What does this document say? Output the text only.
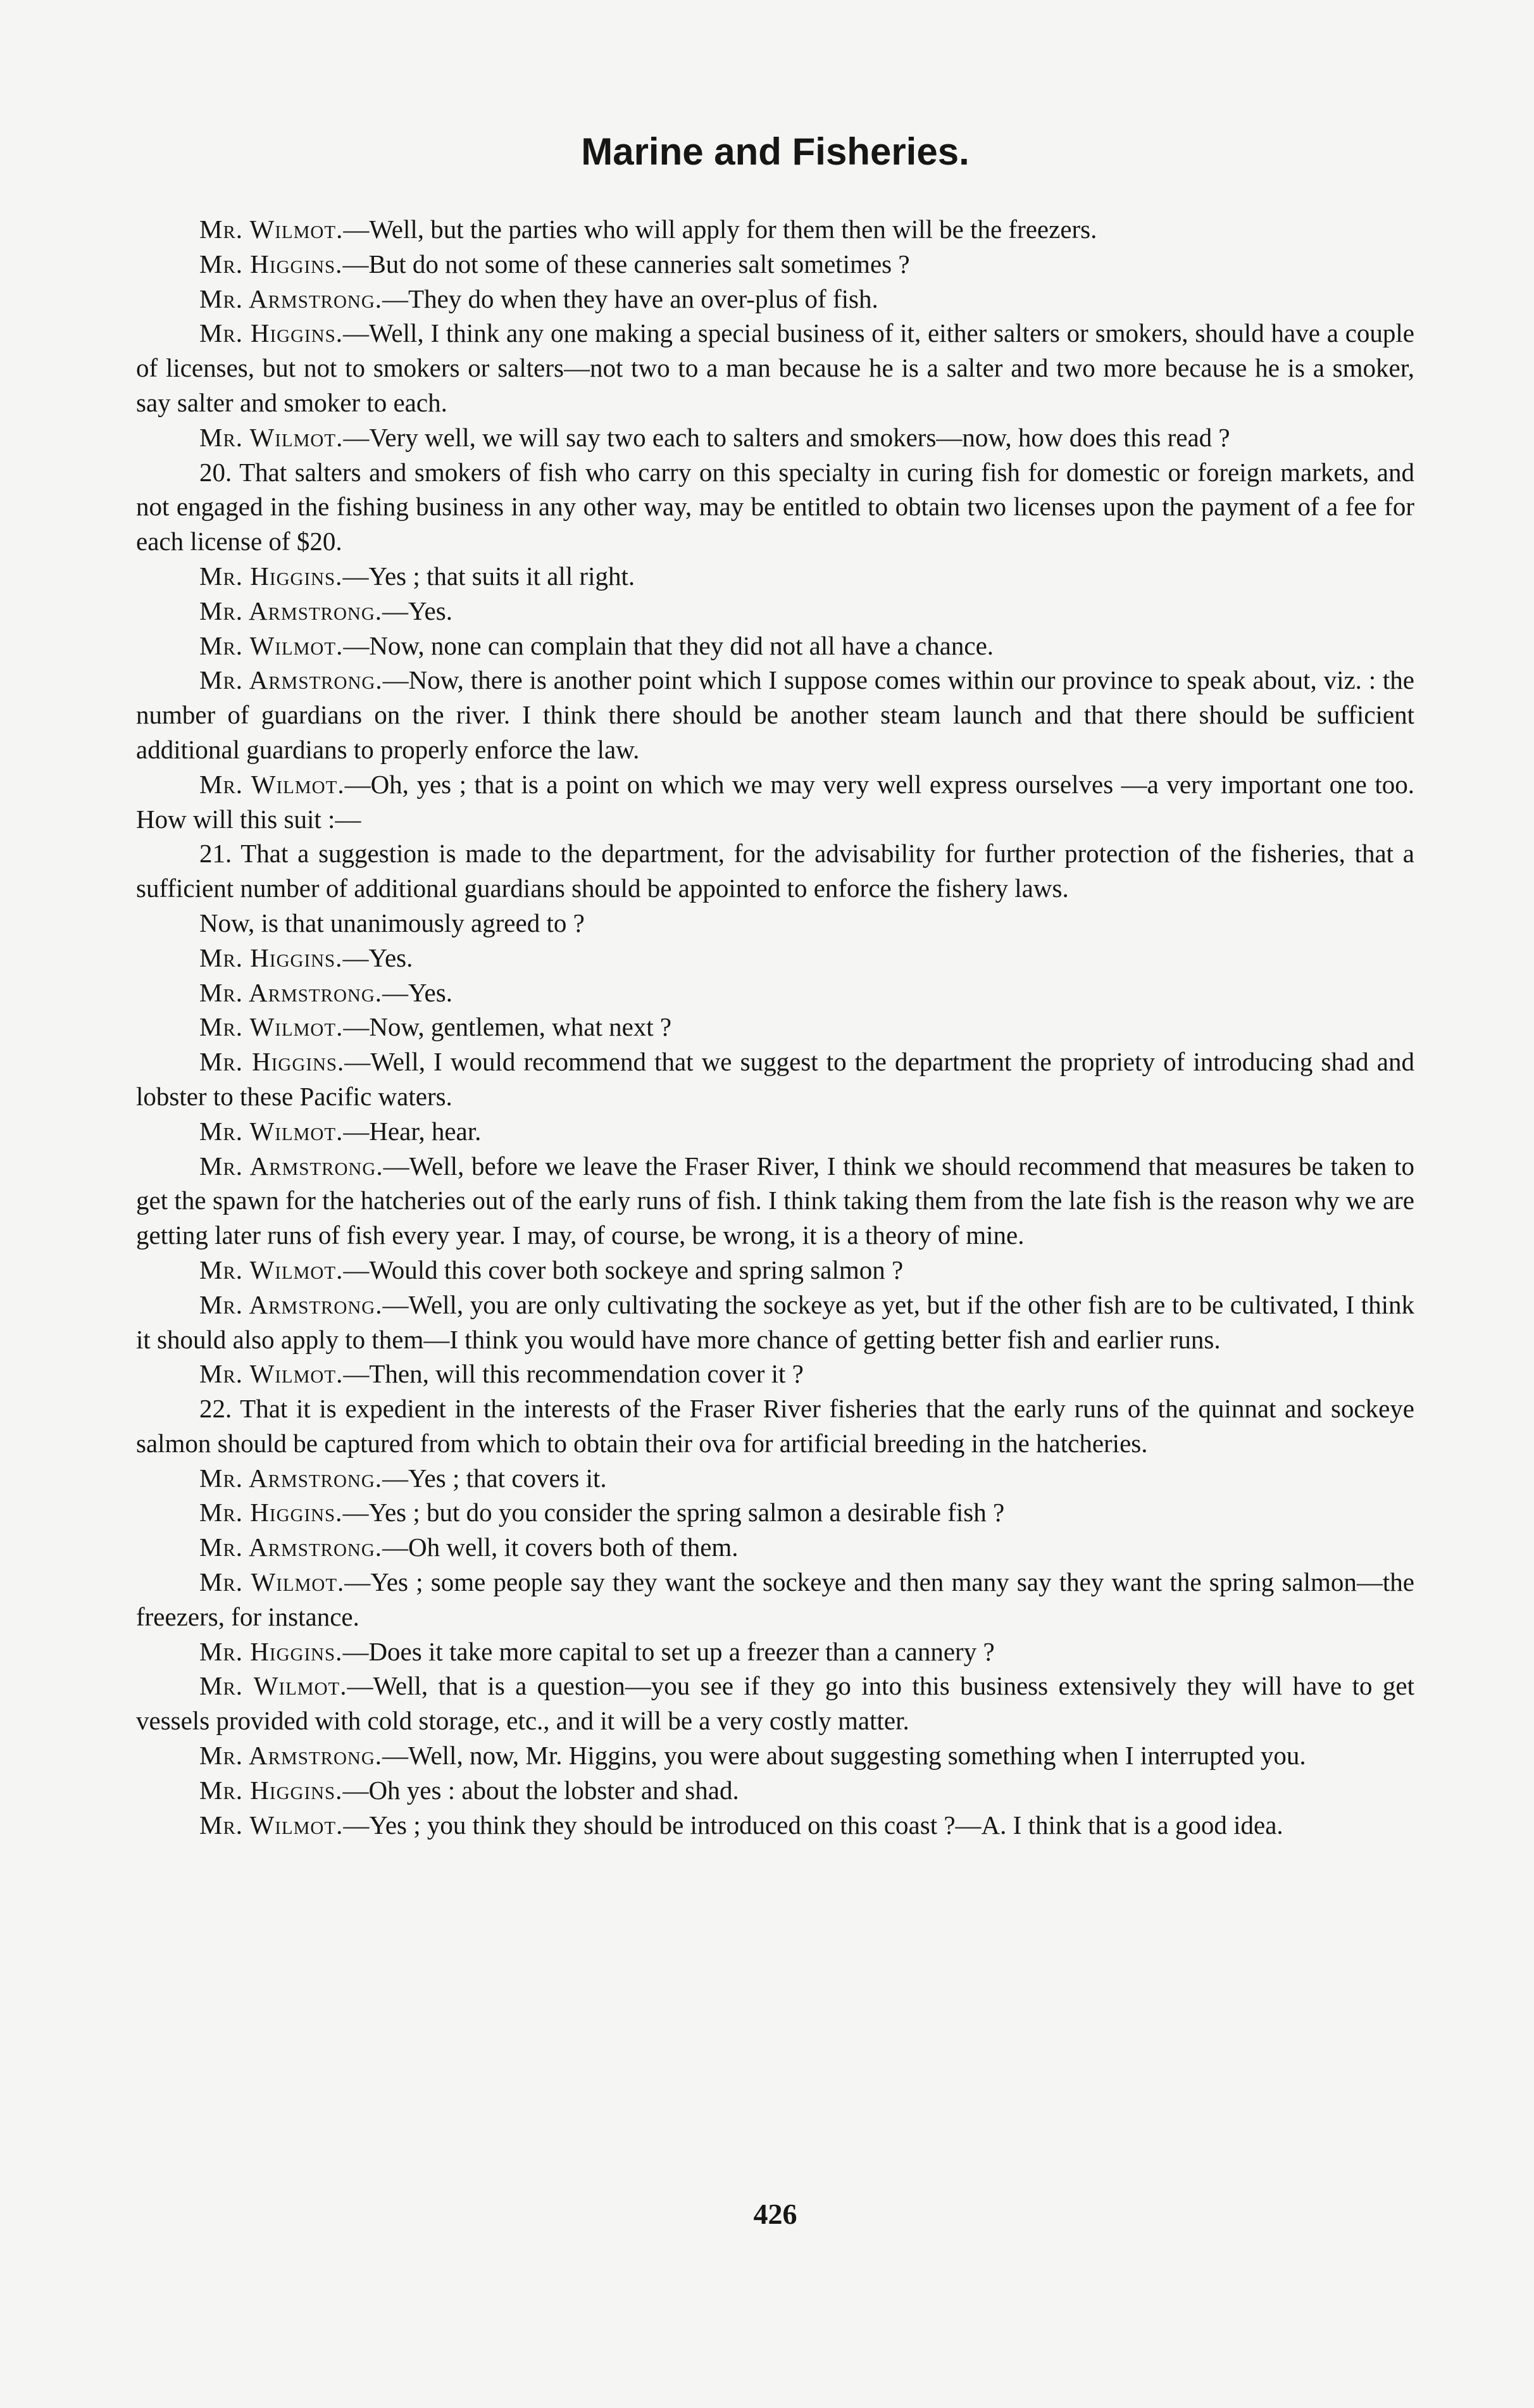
Marine and Fisheries.

Mr. Wilmot.—Well, but the parties who will apply for them then will be the freezers.

Mr. Higgins.—But do not some of these canneries salt sometimes ?

Mr. Armstrong.—They do when they have an over-plus of fish.

Mr. Higgins.—Well, I think any one making a special business of it, either salters or smokers, should have a couple of licenses, but not to smokers or salters—not two to a man because he is a salter and two more because he is a smoker, say salter and smoker to each.

Mr. Wilmot.—Very well, we will say two each to salters and smokers—now, how does this read ?

20. That salters and smokers of fish who carry on this specialty in curing fish for domestic or foreign markets, and not engaged in the fishing business in any other way, may be entitled to obtain two licenses upon the payment of a fee for each license of $20.

Mr. Higgins.—Yes ; that suits it all right.

Mr. Armstrong.—Yes.

Mr. Wilmot.—Now, none can complain that they did not all have a chance.

Mr. Armstrong.—Now, there is another point which I suppose comes within our province to speak about, viz. : the number of guardians on the river. I think there should be another steam launch and that there should be sufficient additional guardians to properly enforce the law.

Mr. Wilmot.—Oh, yes ; that is a point on which we may very well express ourselves —a very important one too. How will this suit :—

21. That a suggestion is made to the department, for the advisability for further protection of the fisheries, that a sufficient number of additional guardians should be appointed to enforce the fishery laws.

Now, is that unanimously agreed to ?

Mr. Higgins.—Yes.

Mr. Armstrong.—Yes.

Mr. Wilmot.—Now, gentlemen, what next ?

Mr. Higgins.—Well, I would recommend that we suggest to the department the propriety of introducing shad and lobster to these Pacific waters.

Mr. Wilmot.—Hear, hear.

Mr. Armstrong.—Well, before we leave the Fraser River, I think we should recommend that measures be taken to get the spawn for the hatcheries out of the early runs of fish. I think taking them from the late fish is the reason why we are getting later runs of fish every year. I may, of course, be wrong, it is a theory of mine.

Mr. Wilmot.—Would this cover both sockeye and spring salmon ?

Mr. Armstrong.—Well, you are only cultivating the sockeye as yet, but if the other fish are to be cultivated, I think it should also apply to them—I think you would have more chance of getting better fish and earlier runs.

Mr. Wilmot.—Then, will this recommendation cover it ?

22. That it is expedient in the interests of the Fraser River fisheries that the early runs of the quinnat and sockeye salmon should be captured from which to obtain their ova for artificial breeding in the hatcheries.

Mr. Armstrong.—Yes ; that covers it.

Mr. Higgins.—Yes ; but do you consider the spring salmon a desirable fish ?

Mr. Armstrong.—Oh well, it covers both of them.

Mr. Wilmot.—Yes ; some people say they want the sockeye and then many say they want the spring salmon—the freezers, for instance.

Mr. Higgins.—Does it take more capital to set up a freezer than a cannery ?

Mr. Wilmot.—Well, that is a question—you see if they go into this business extensively they will have to get vessels provided with cold storage, etc., and it will be a very costly matter.

Mr. Armstrong.—Well, now, Mr. Higgins, you were about suggesting something when I interrupted you.

Mr. Higgins.—Oh yes : about the lobster and shad.

Mr. Wilmot.—Yes ; you think they should be introduced on this coast ?—A. I think that is a good idea.

426
